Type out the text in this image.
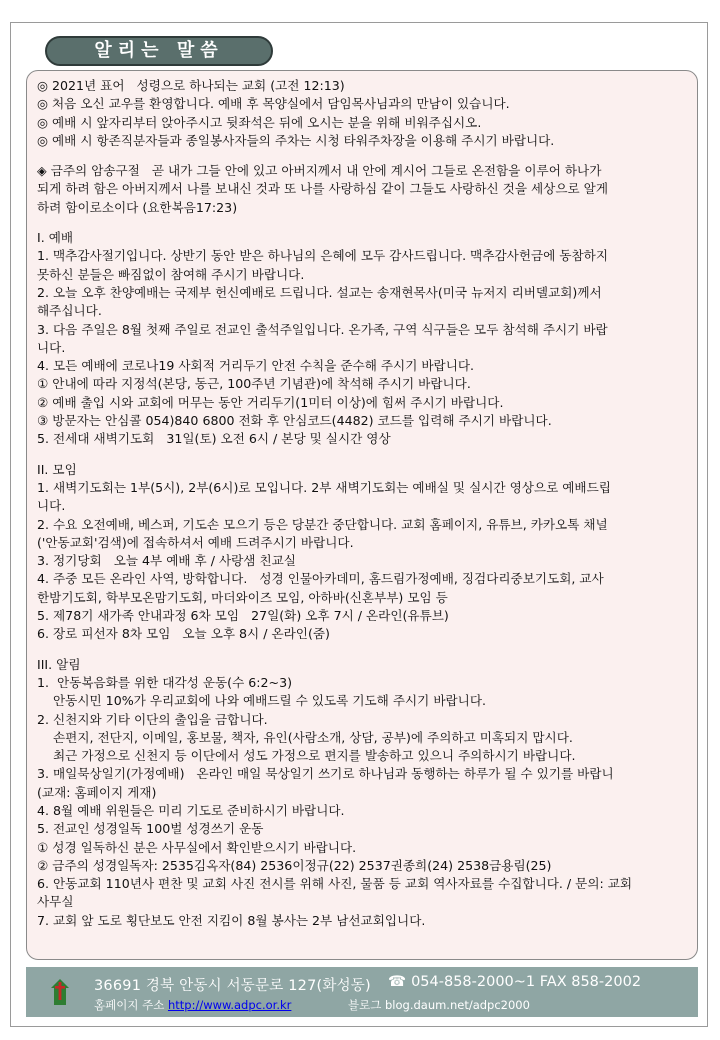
알리는 말씀
◎ 2021년 표어   성령으로 하나되는 교회 (고전 12:13)
◎ 처음 오신 교우를 환영합니다. 예배 후 목양실에서 담임목사님과의 만남이 있습니다.
◎ 예배 시 앞자리부터 앉아주시고 뒷좌석은 뒤에 오시는 분을 위해 비워주십시오.
◎ 예배 시 항존직분자들과 종일봉사자들의 주차는 시청 타워주차장을 이용해 주시기 바랍니다.
◈ 금주의 암송구절   곧 내가 그들 안에 있고 아버지께서 내 안에 계시어 그들로 온전함을 이루어 하나가
되게 하려 함은 아버지께서 나를 보내신 것과 또 나를 사랑하심 같이 그들도 사랑하신 것을 세상으로 알게
하려 함이로소이다 (요한복음17:23)
I. 예배
1. 맥추감사절기입니다. 상반기 동안 받은 하나님의 은혜에 모두 감사드립니다. 맥추감사헌금에 동참하지
못하신 분들은 빠짐없이 참여해 주시기 바랍니다.
2. 오늘 오후 찬양예배는 국제부 헌신예배로 드립니다. 설교는 송재현목사(미국 뉴저지 리버델교회)께서
해주십니다.
3. 다음 주일은 8월 첫째 주일로 전교인 출석주일입니다. 온가족, 구역 식구들은 모두 참석해 주시기 바랍
니다.
4. 모든 예배에 코로나19 사회적 거리두기 안전 수칙을 준수해 주시기 바랍니다.
① 안내에 따라 지정석(본당, 동근, 100주년 기념관)에 착석해 주시기 바랍니다.
② 예배 출입 시와 교회에 머무는 동안 거리두기(1미터 이상)에 힘써 주시기 바랍니다.
③ 방문자는 안심콜 054)840 6800 전화 후 안심코드(4482) 코드를 입력해 주시기 바랍니다.
5. 전세대 새벽기도회   31일(토) 오전 6시 / 본당 및 실시간 영상
II. 모임
1. 새벽기도회는 1부(5시), 2부(6시)로 모입니다. 2부 새벽기도회는 예배실 및 실시간 영상으로 예배드립
니다.
2. 수요 오전예배, 베스퍼, 기도손 모으기 등은 당분간 중단합니다. 교회 홈페이지, 유튜브, 카카오톡 채널
('안동교회'검색)에 접속하셔서 예배 드려주시기 바랍니다.
3. 정기당회   오늘 4부 예배 후 / 사랑샘 친교실
4. 주중 모든 온라인 사역, 방학합니다.   성경 인물아카데미, 홈드림가정예배, 징검다리중보기도회, 교사
한밤기도회, 학부모온맘기도회, 마더와이즈 모임, 아하바(신혼부부) 모임 등
5. 제78기 새가족 안내과정 6차 모임   27일(화) 오후 7시 / 온라인(유튜브)
6. 장로 피선자 8차 모임   오늘 오후 8시 / 온라인(줌)
III. 알림
1.  안동복음화를 위한 대각성 운동(수 6:2~3)
안동시민 10%가 우리교회에 나와 예배드릴 수 있도록 기도해 주시기 바랍니다.
2. 신천지와 기타 이단의 출입을 금합니다.
손편지, 전단지, 이메일, 홍보물, 책자, 유인(사람소개, 상담, 공부)에 주의하고 미혹되지 맙시다.
최근 가정으로 신천지 등 이단에서 성도 가정으로 편지를 발송하고 있으니 주의하시기 바랍니다.
3. 매일묵상일기(가정예배)   온라인 매일 묵상일기 쓰기로 하나님과 동행하는 하루가 될 수 있기를 바랍니
(교재: 홈페이지 게재)
4. 8월 예배 위원들은 미리 기도로 준비하시기 바랍니다.
5. 전교인 성경일독 100벌 성경쓰기 운동
① 성경 일독하신 분은 사무실에서 확인받으시기 바랍니다.
② 금주의 성경일독자: 2535김옥자(84) 2536이정규(22) 2537권종희(24) 2538금용림(25)
6. 안동교회 110년사 편찬 및 교회 사진 전시를 위해 사진, 물품 등 교회 역사자료를 수집합니다. / 문의: 교회
사무실
7. 교회 앞 도로 횡단보도 안전 지킴이 8월 봉사는 2부 남선교회입니다.
36691 경북 안동시 서동문로 127(화성동) ☎ 054-858-2000~1 FAX 858-2002
홈페이지 주소 http://www.adpc.or.kr	블로그 blog.daum.net/adpc2000
